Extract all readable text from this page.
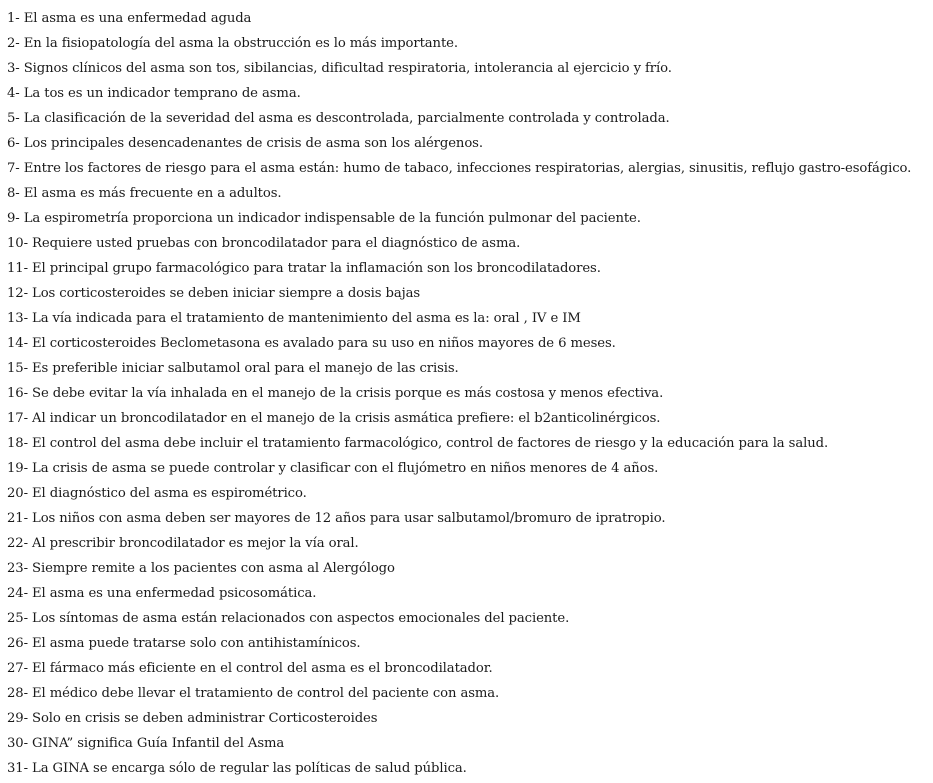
1- El asma es una enfermedad aguda
2- En la fisiopatología del asma la obstrucción es lo más importante.
3- Signos clínicos del asma son tos, sibilancias, dificultad respiratoria, intolerancia al ejercicio y frío.
4- La tos es un indicador temprano de asma.
5- La clasificación de la severidad del asma es descontrolada, parcialmente controlada y controlada.
6- Los principales desencadenantes de crisis de asma son los alérgenos.
7- Entre los factores de riesgo para el asma están: humo de tabaco, infecciones respiratorias, alergias, sinusitis, reflujo gastro-esofágico.
8- El asma es más frecuente en a adultos.
9- La espirometría proporciona un indicador indispensable de la función pulmonar del paciente.
10- Requiere usted pruebas con broncodilatador para el diagnóstico de asma.
11- El principal grupo farmacológico para tratar la inflamación son los broncodilatadores.
12- Los corticosteroides se deben iniciar siempre a dosis bajas
13- La vía indicada para el tratamiento de mantenimiento del asma es la: oral , IV e IM
14- El corticosteroides Beclometasona es avalado para su uso en niños mayores de 6 meses.
15- Es preferible iniciar salbutamol oral para el manejo de las crisis.
16- Se debe evitar la vía inhalada en el manejo de la crisis porque es más costosa y menos efectiva.
17- Al indicar un broncodilatador en el manejo de la crisis asmática prefiere: el b2anticolinérgicos.
18- El control del asma debe incluir el tratamiento farmacológico, control de factores de riesgo y la educación para la salud.
19- La crisis de asma se puede controlar y clasificar con el flujómetro en niños menores de 4 años.
20- El diagnóstico del asma es espirométrico.
21- Los niños con asma deben ser mayores de 12 años para usar salbutamol/bromuro de ipratropio.
22- Al prescribir broncodilatador es mejor la vía oral.
23- Siempre remite a los pacientes con asma al Alergólogo
24- El asma es una enfermedad psicosomática.
25- Los síntomas de asma están relacionados con aspectos emocionales del paciente.
26- El asma puede tratarse solo con antihistamínicos.
27- El fármaco más eficiente en el control del asma es el broncodilatador.
28- El médico debe llevar el tratamiento de control del paciente con asma.
29- Solo en crisis se deben administrar Corticosteroides
30- GINA” significa Guía Infantil del Asma
31- La GINA se encarga sólo de regular las políticas de salud pública.
